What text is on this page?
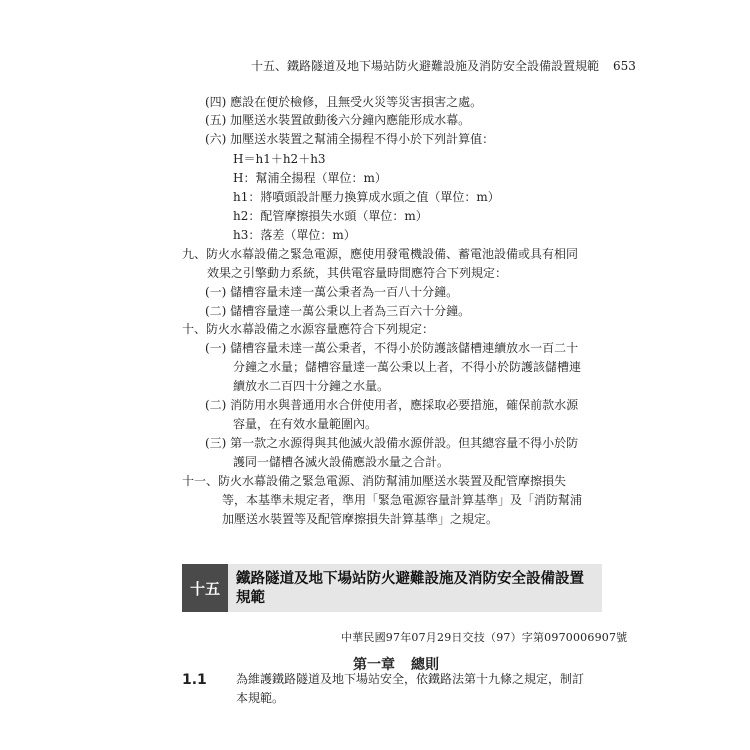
十五、鐵路隧道及地下場站防火避難設施及消防安全設備設置規範 653
(四) 應設在便於檢修，且無受火災等災害損害之處。
(五) 加壓送水裝置啟動後六分鐘內應能形成水幕。
(六) 加壓送水裝置之幫浦全揚程不得小於下列計算值：
H＝h1＋h2＋h3
H：幫浦全揚程（單位：m）
h1：將噴頭設計壓力換算成水頭之值（單位：m）
h2：配管摩擦損失水頭（單位：m）
h3：落差（單位：m）
九、防火水幕設備之緊急電源，應使用發電機設備、蓄電池設備或具有相同
效果之引擎動力系統，其供電容量時間應符合下列規定：
(一) 儲槽容量未達一萬公秉者為一百八十分鐘。
(二) 儲槽容量達一萬公秉以上者為三百六十分鐘。
十、防火水幕設備之水源容量應符合下列規定：
(一) 儲槽容量未達一萬公秉者，不得小於防護該儲槽連續放水一百二十
分鐘之水量；儲槽容量達一萬公秉以上者，不得小於防護該儲槽連
續放水二百四十分鐘之水量。
(二) 消防用水與普通用水合併使用者，應採取必要措施，確保前款水源
容量，在有效水量範圍內。
(三) 第一款之水源得與其他滅火設備水源併設。但其總容量不得小於防
護同一儲槽各滅火設備應設水量之合計。
十一、防火水幕設備之緊急電源、消防幫浦加壓送水裝置及配管摩擦損失
等，本基準未規定者，準用「緊急電源容量計算基準」及「消防幫浦
加壓送水裝置等及配管摩擦損失計算基準」之規定。
十五
鐵路隧道及地下場站防火避難設施及消防安全設備設置
規範
中華民國97年07月29日交技（97）字第0970006907號
第一章 總則
1.1 為維護鐵路隧道及地下場站安全，依鐵路法第十九條之規定，制訂
本規範。
